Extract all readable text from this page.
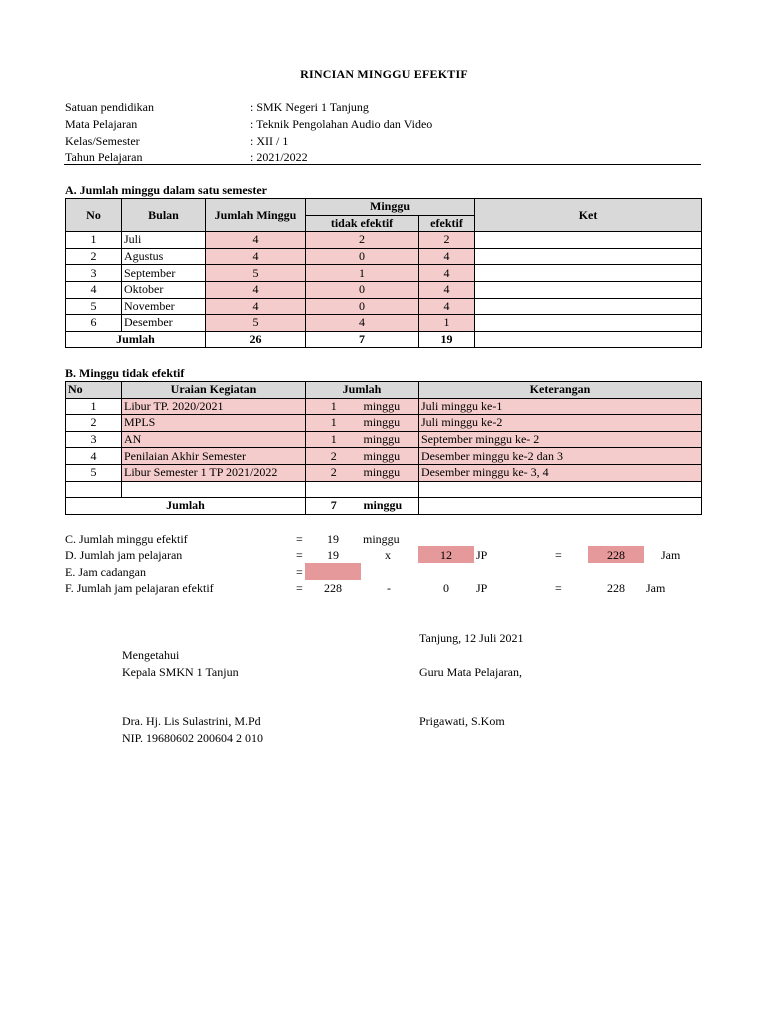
RINCIAN MINGGU EFEKTIF
Satuan pendidikan	: SMK Negeri 1 Tanjung
Mata Pelajaran	: Teknik Pengolahan Audio dan Video
Kelas/Semester	: XII / 1
Tahun Pelajaran	: 2021/2022
A. Jumlah minggu dalam satu semester
No	Bulan	Jumlah Minggu	Minggu		Ket
			tidak efektif	efektif	
1	Juli	4	2	2	
2	Agustus	4	0	4	
3	September	5	1	4	
4	Oktober	4	0	4	
5	November	4	0	4	
6	Desember	5	4	1	
Jumlah		26	7	19	
B. Minggu tidak efektif
No	Uraian Kegiatan	Jumlah		Keterangan
1	Libur TP. 2020/2021	1	minggu	Juli minggu ke-1
2	MPLS	1	minggu	Juli minggu ke-2
3	AN	1	minggu	September minggu ke- 2
4	Penilaian Akhir Semester	2	minggu	Desember minggu ke-2 dan 3
5	Libur Semester 1 TP 2021/2022	2	minggu	Desember minggu ke- 3, 4

Jumlah		7	minggu	
C. Jumlah minggu efektif	=	19	minggu
D. Jumlah jam pelajaran	=	19	x	12	JP	=	228	Jam
E. Jam cadangan	=
F. Jumlah jam pelajaran efektif	=	228	-	0	JP	=	228	Jam
Tanjung, 12 Juli 2021
Mengetahui
Kepala SMKN 1 Tanjun	Guru Mata Pelajaran,
Dra. Hj. Lis Sulastrini, M.Pd	Prigawati, S.Kom
NIP. 19680602 200604 2 010
